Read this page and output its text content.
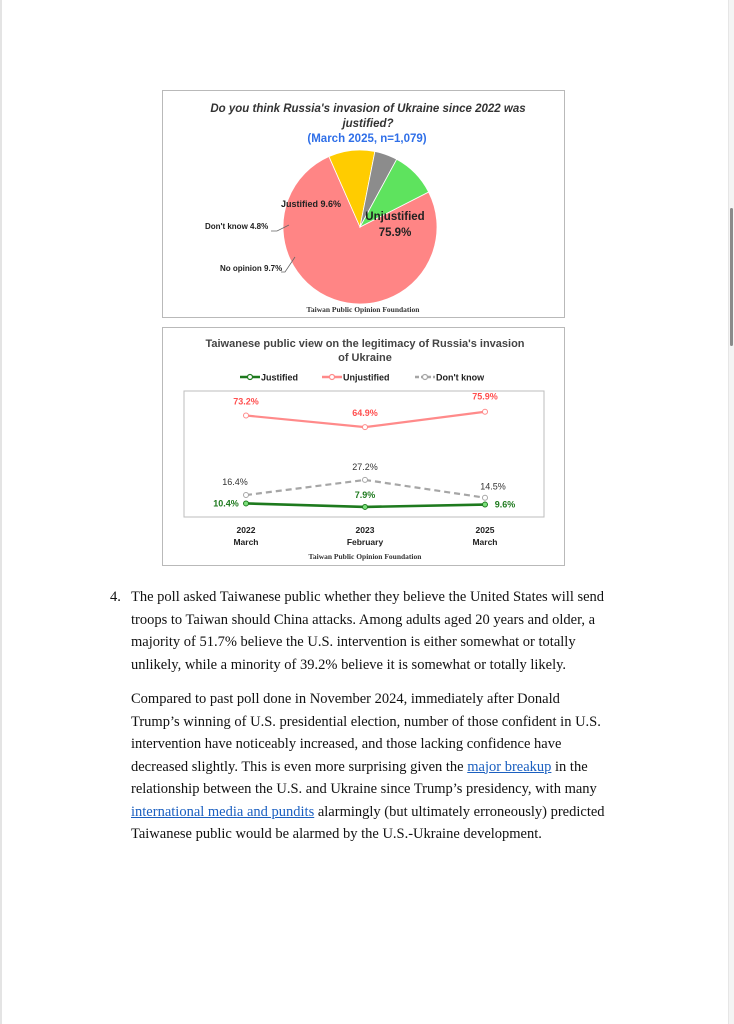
Do you think Russia's invasion of Ukraine since 2022 was
justified?
(March 2025, n=1,079)
Unjustified
75.9%
Justified 9.6%
Don't know 4.8%
No opinion 9.7%
Taiwan Public Opinion Foundation
Taiwanese public view on the legitimacy of Russia's invasion
of Ukraine
Justified	Unjustified	Don't know
10.4%
7.9%
9.6%
73.2%
64.9%
75.9%
16.4%
27.2%
14.5%
2022
March
2023
February
2025
March
Taiwan Public Opinion Foundation
4. The poll asked Taiwanese public whether they believe the United States will send
troops to Taiwan should China attacks. Among adults aged 20 years and older, a
majority of 51.7% believe the U.S. intervention is either somewhat or totally
unlikely, while a minority of 39.2% believe it is somewhat or totally likely.
Compared to past poll done in November 2024, immediately after Donald
Trump’s winning of U.S. presidential election, number of those confident in U.S.
intervention have noticeably increased, and those lacking confidence have
decreased slightly. This is even more surprising given the major breakup in the
relationship between the U.S. and Ukraine since Trump’s presidency, with many
international media and pundits alarmingly (but ultimately erroneously) predicted
Taiwanese public would be alarmed by the U.S.-Ukraine development.
